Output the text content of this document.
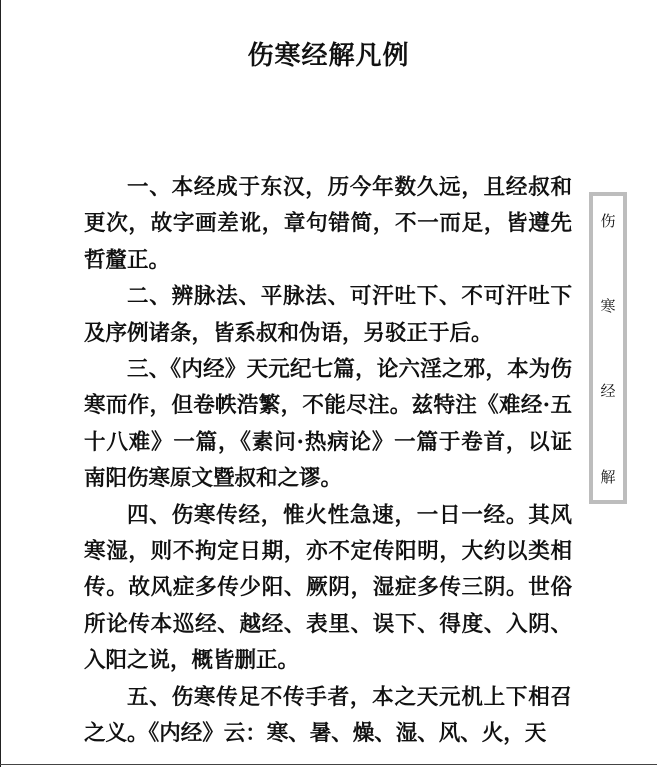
伤寒经解凡例

一、本经成于东汉，历今年数久远，且经叔和更次，故字画差讹，章句错简，不一而足，皆遵先哲釐正。

二、辨脉法、平脉法、可汗吐下、不可汗吐下及序例诸条，皆系叔和伪语，另驳正于后。

三、《内经》天元纪七篇，论六淫之邪，本为伤寒而作，但卷帙浩繁，不能尽注。兹特注《难经·五十八难》一篇，《素问·热病论》一篇于卷首，以证南阳伤寒原文暨叔和之谬。

四、伤寒传经，惟火性急速，一日一经。其风寒湿，则不拘定日期，亦不定传阳明，大约以类相传。故风症多传少阳、厥阴，湿症多传三阴。世俗所论传本巡经、越经、表里、误下、得度、入阴、入阳之说，概皆删正。

五、伤寒传足不传手者，本之天元机上下相召之义。《内经》云：寒、暑、燥、湿、风、火，天

伤
寒
经
解
